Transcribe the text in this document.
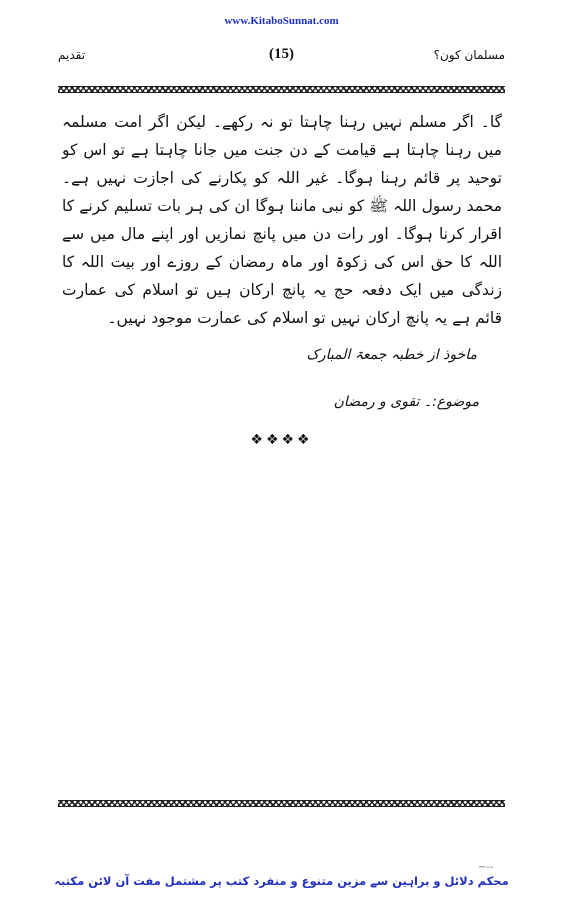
www.KitaboSunnat.com
مسلمان کون؟
(15)
تقدیم

گا۔ اگر مسلم نہیں رہنا چاہتا تو نہ رکھے۔ لیکن اگر امت مسلمہ میں رہنا چاہتا ہے قیامت کے دن جنت میں جانا چاہتا ہے تو اس کو توحید پر قائم رہنا ہوگا۔ غیر اللہ کو پکارنے کی اجازت نہیں ہے۔ محمد رسول اللہ ﷺ کو نبی ماننا ہوگا ان کی ہر بات تسلیم کرنے کا اقرار کرنا ہوگا۔ اور رات دن میں پانچ نمازیں اور اپنے مال میں سے اللہ کا حق اس کی زکوۃ اور ماہ رمضان کے روزے اور بیت اللہ کا زندگی میں ایک دفعہ حج یہ پانچ ارکان ہیں تو اسلام کی عمارت قائم ہے یہ پانچ ارکان نہیں تو اسلام کی عمارت موجود نہیں۔

ماخوذ از خطبہ جمعۃ المبارک
موضوع:۔ تقوی و رمضان
❖❖❖❖
~--
محکم دلائل و براہین سے مزین متنوع و منفرد کتب پر مشتمل مفت آن لائن مکتبہ
